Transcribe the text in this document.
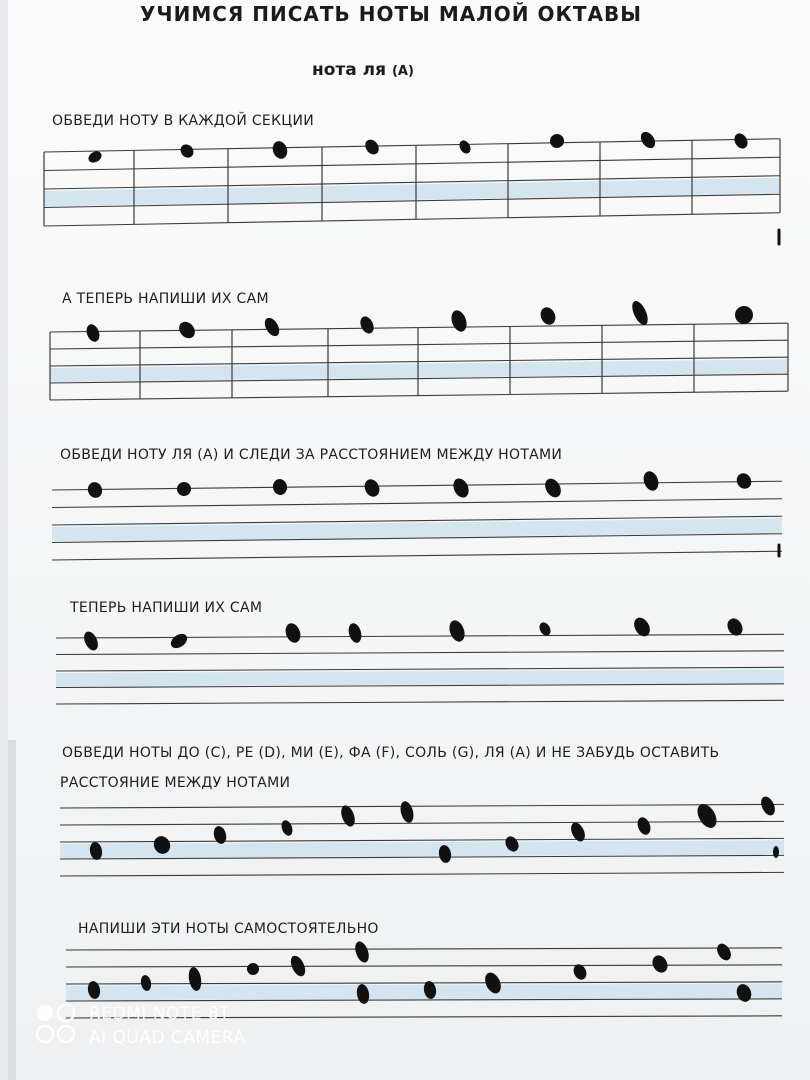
УЧИМСЯ ПИСАТЬ НОТЫ МАЛОЙ ОКТАВЫ
нота ля (А)
ОБВЕДИ НОТУ В КАЖДОЙ СЕКЦИИ
А ТЕПЕРЬ НАПИШИ ИХ САМ
ОБВЕДИ НОТУ ЛЯ (А) И СЛЕДИ ЗА РАССТОЯНИЕМ МЕЖДУ НОТАМИ
ТЕПЕРЬ НАПИШИ ИХ САМ
ОБВЕДИ НОТЫ ДО (С), РЕ (D), МИ (Е), ФА (F), СОЛЬ (G), ЛЯ (А) И НЕ ЗАБУДЬ ОСТАВИТЬ
РАССТОЯНИЕ МЕЖДУ НОТАМИ
НАПИШИ ЭТИ НОТЫ САМОСТОЯТЕЛЬНО
REDMI NOTE 8T
AI QUAD CAMERA
